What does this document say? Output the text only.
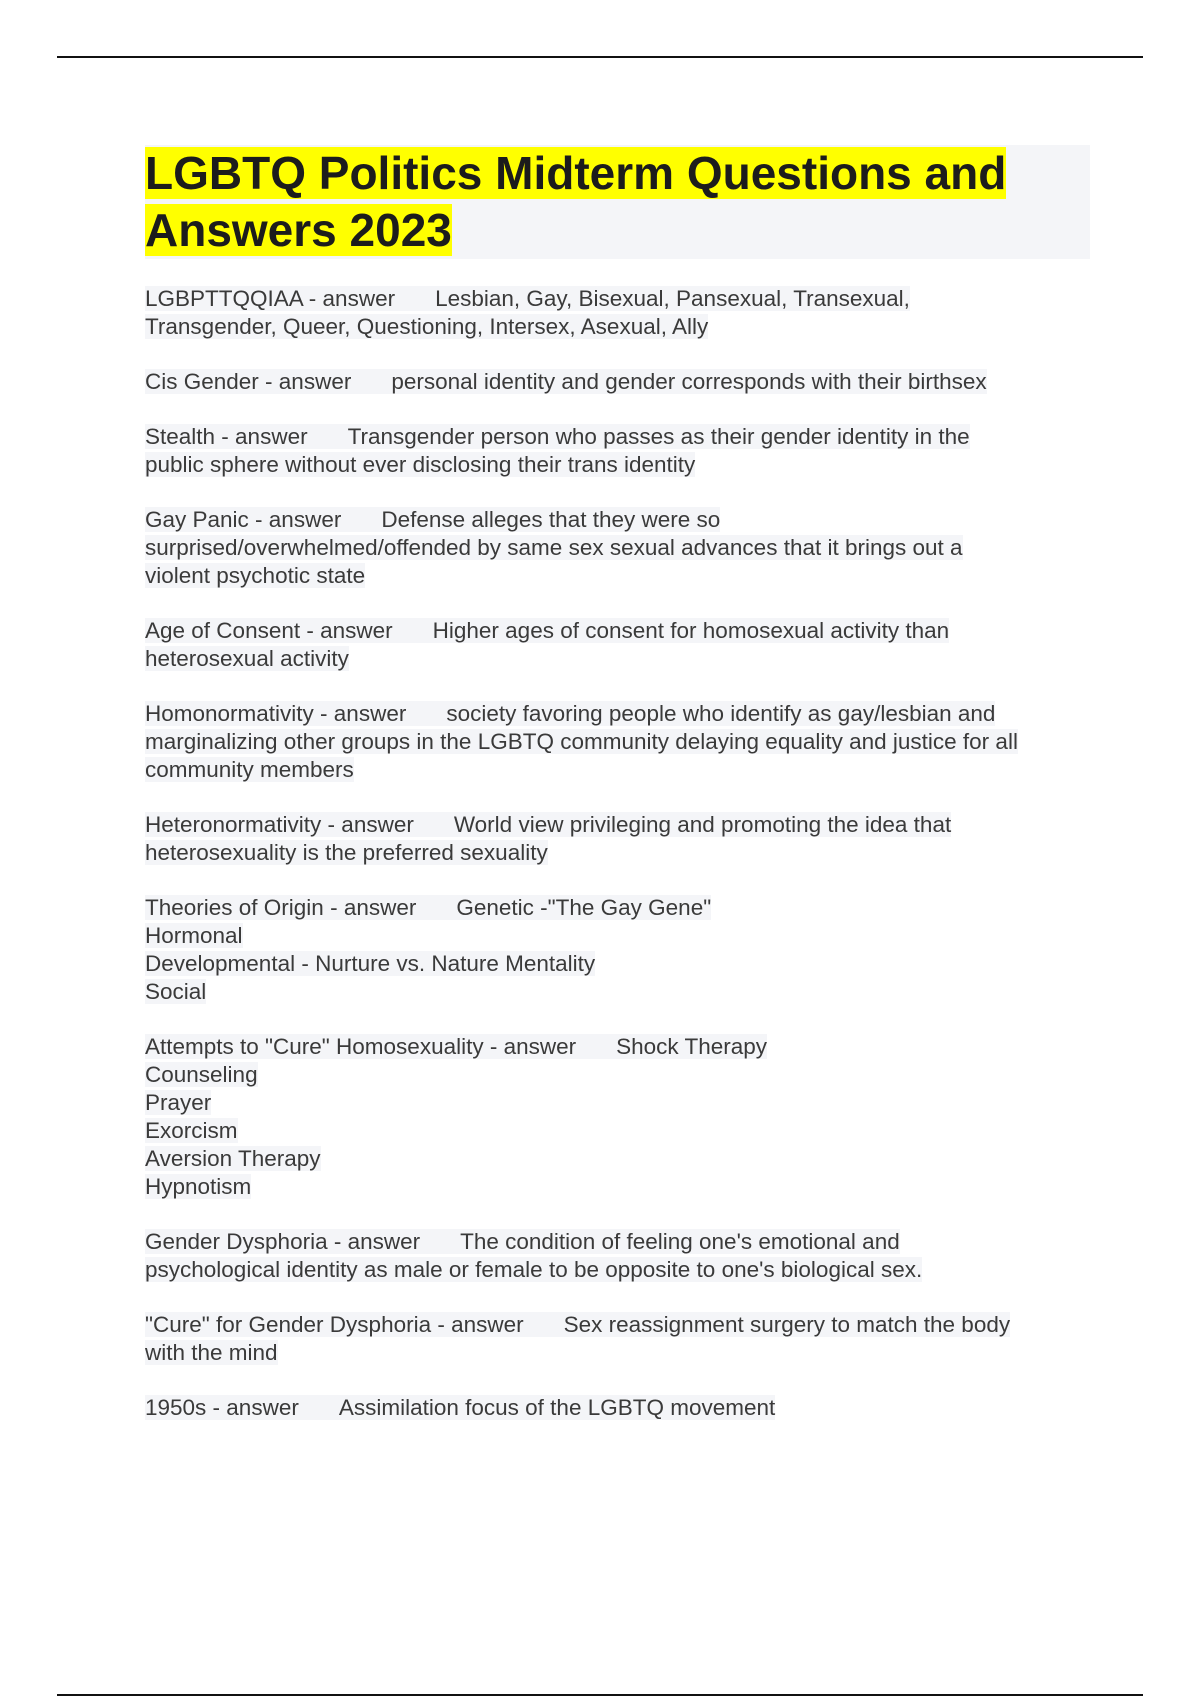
LGBTQ Politics Midterm Questions and Answers 2023
LGBPTTQQIAA - answer Lesbian, Gay, Bisexual, Pansexual, Transexual,
Transgender, Queer, Questioning, Intersex, Asexual, Ally
Cis Gender - answer personal identity and gender corresponds with their birthsex
Stealth - answer Transgender person who passes as their gender identity in the
public sphere without ever disclosing their trans identity
Gay Panic - answer Defense alleges that they were so
surprised/overwhelmed/offended by same sex sexual advances that it brings out a
violent psychotic state
Age of Consent - answer Higher ages of consent for homosexual activity than
heterosexual activity
Homonormativity - answer society favoring people who identify as gay/lesbian and
marginalizing other groups in the LGBTQ community delaying equality and justice for all
community members
Heteronormativity - answer World view privileging and promoting the idea that
heterosexuality is the preferred sexuality
Theories of Origin - answer Genetic -"The Gay Gene"
Hormonal
Developmental - Nurture vs. Nature Mentality
Social
Attempts to "Cure" Homosexuality - answer Shock Therapy
Counseling
Prayer
Exorcism
Aversion Therapy
Hypnotism
Gender Dysphoria - answer The condition of feeling one's emotional and
psychological identity as male or female to be opposite to one's biological sex.
"Cure" for Gender Dysphoria - answer Sex reassignment surgery to match the body
with the mind
1950s - answer Assimilation focus of the LGBTQ movement
